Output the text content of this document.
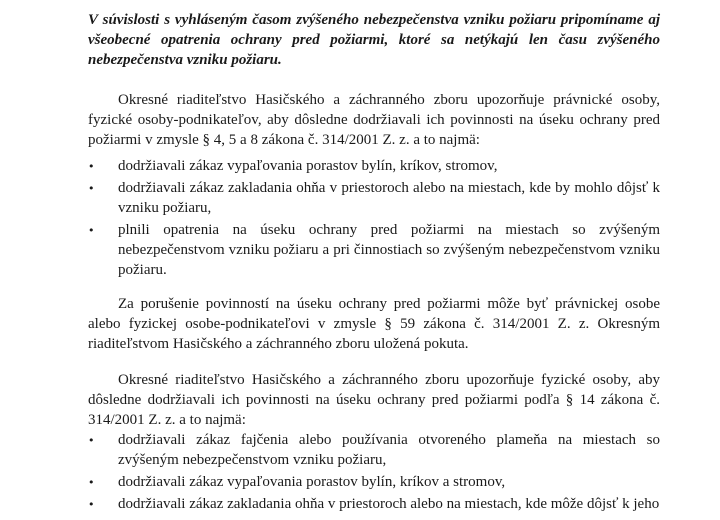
V súvislosti s vyhláseným časom zvýšeného nebezpečenstva vzniku požiaru pripomíname aj všeobecné opatrenia ochrany pred požiarmi, ktoré sa netýkajú len času zvýšeného nebezpečenstva vzniku požiaru.

Okresné riaditeľstvo Hasičského a záchranného zboru upozorňuje právnické osoby, fyzické osoby-podnikateľov, aby dôsledne dodržiavali ich povinnosti na úseku ochrany pred požiarmi v zmysle § 4, 5 a 8 zákona č. 314/2001 Z. z. a to najmä:

•
dodržiavali zákaz vypaľovania porastov bylín, kríkov, stromov,
•
dodržiavali zákaz zakladania ohňa v priestoroch alebo na miestach, kde by mohlo dôjsť k vzniku požiaru,
•
plnili opatrenia na úseku ochrany pred požiarmi na miestach so zvýšeným nebezpečenstvom vzniku požiaru a pri činnostiach so zvýšeným nebezpečenstvom vzniku požiaru.

Za porušenie povinností na úseku ochrany pred požiarmi môže byť právnickej osobe alebo fyzickej osobe-podnikateľovi v zmysle § 59 zákona č. 314/2001 Z. z. Okresným riaditeľstvom Hasičského a záchranného zboru uložená pokuta.

Okresné riaditeľstvo Hasičského a záchranného zboru upozorňuje fyzické osoby, aby dôsledne dodržiavali ich povinnosti na úseku ochrany pred požiarmi podľa § 14 zákona č. 314/2001 Z. z. a to najmä:

•
dodržiavali zákaz fajčenia alebo používania otvoreného plameňa na miestach so zvýšeným nebezpečenstvom vzniku požiaru,
•
dodržiavali zákaz vypaľovania porastov bylín, kríkov a stromov,
•
dodržiavali zákaz zakladania ohňa v priestoroch alebo na miestach, kde môže dôjsť k jeho
